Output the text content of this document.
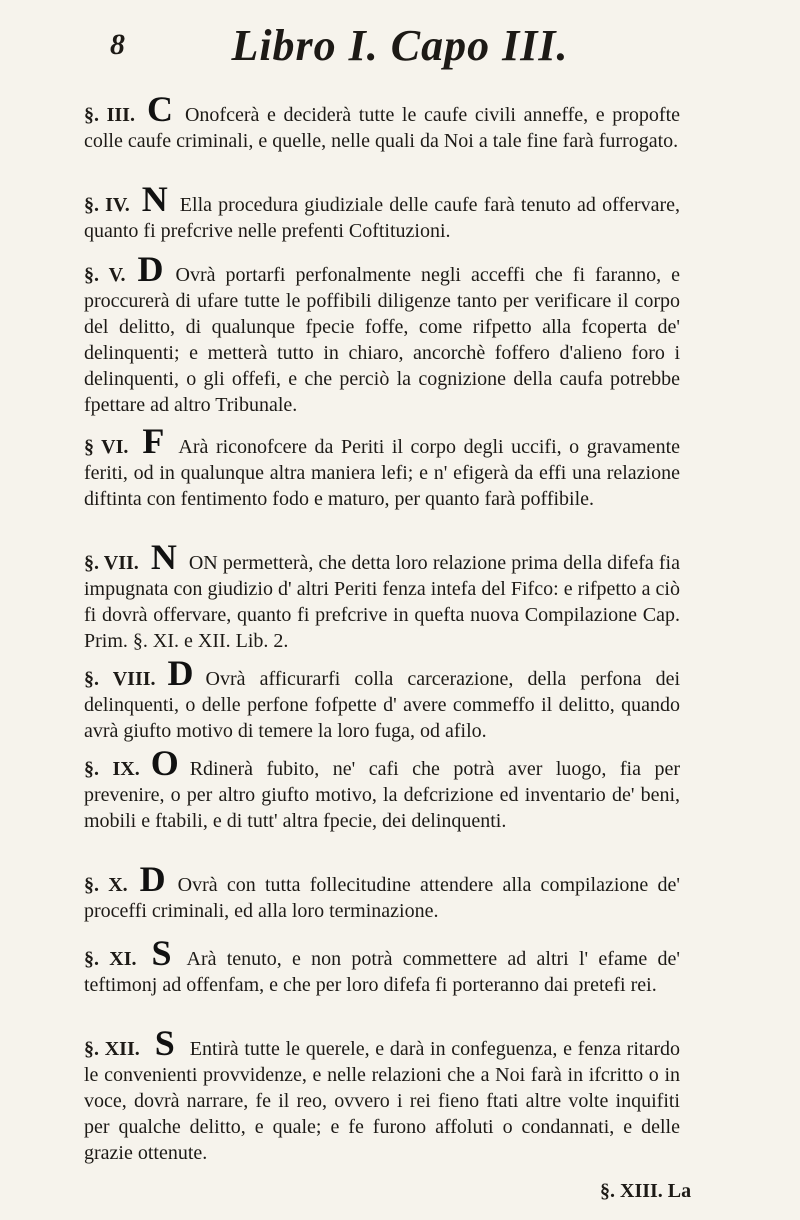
8	Libro I. Capo III.
§. III. C Onofcerà e deciderà tutte le caufe civili anneffe, e propofte colle caufe criminali, e quelle, nelle quali da Noi a tale fine farà furrogato.
§. IV. N Ella procedura giudiziale delle caufe farà tenuto ad offervare, quanto fi prefcrive nelle prefenti Coftituzioni.
§. V. D Ovrà portarfi perfonalmente negli acceffi che fi faranno, e proccurerà di ufare tutte le poffibili diligenze tanto per verificare il corpo del delitto, di qualunque fpecie foffe, come rifpetto alla fcoperta de' delinquenti; e metterà tutto in chiaro, ancorchè foffero d'alieno foro i delinquenti, o gli offefi, e che perciò la cognizione della caufa potrebbe fpettare ad altro Tribunale.
§ VI. F Arà riconofcere da Periti il corpo degli uccifi, o gravamente feriti, od in qualunque altra maniera lefi; e n' efigerà da effi una relazione diftinta con fentimento fodo e maturo, per quanto farà poffibile.
§. VII. N ON permetterà, che detta loro relazione prima della difefa fia impugnata con giudizio d' altri Periti fenza intefa del Fifco: e rifpetto a ciò fi dovrà offervare, quanto fi prefcrive in quefta nuova Compilazione Cap. Prim. §. XI. e XII. Lib. 2.
§. VIII. D Ovrà afficurarfi colla carcerazione, della perfona dei delinquenti, o delle perfone fofpette d' avere commeffo il delitto, quando avrà giufto motivo di temere la loro fuga, od afilo.
§. IX. O Rdinerà fubito, ne' cafi che potrà aver luogo, fia per prevenire, o per altro giufto motivo, la defcrizione ed inventario de' beni, mobili e ftabili, e di tutt' altra fpecie, dei delinquenti.
§. X. D Ovrà con tutta follecitudine attendere alla compilazione de' proceffi criminali, ed alla loro terminazione.
§. XI. S Arà tenuto, e non potrà commettere ad altri l' efame de' teftimonj ad offenfam, e che per loro difefa fi porteranno dai pretefi rei.
§. XII. S Entirà tutte le querele, e darà in confeguenza, e fenza ritardo le convenienti provvidenze, e nelle relazioni che a Noi farà in ifcritto o in voce, dovrà narrare, fe il reo, ovvero i rei fieno ftati altre volte inquifiti per qualche delitto, e quale; e fe furono affoluti o condannati, e delle grazie ottenute.
§. XIII. La
